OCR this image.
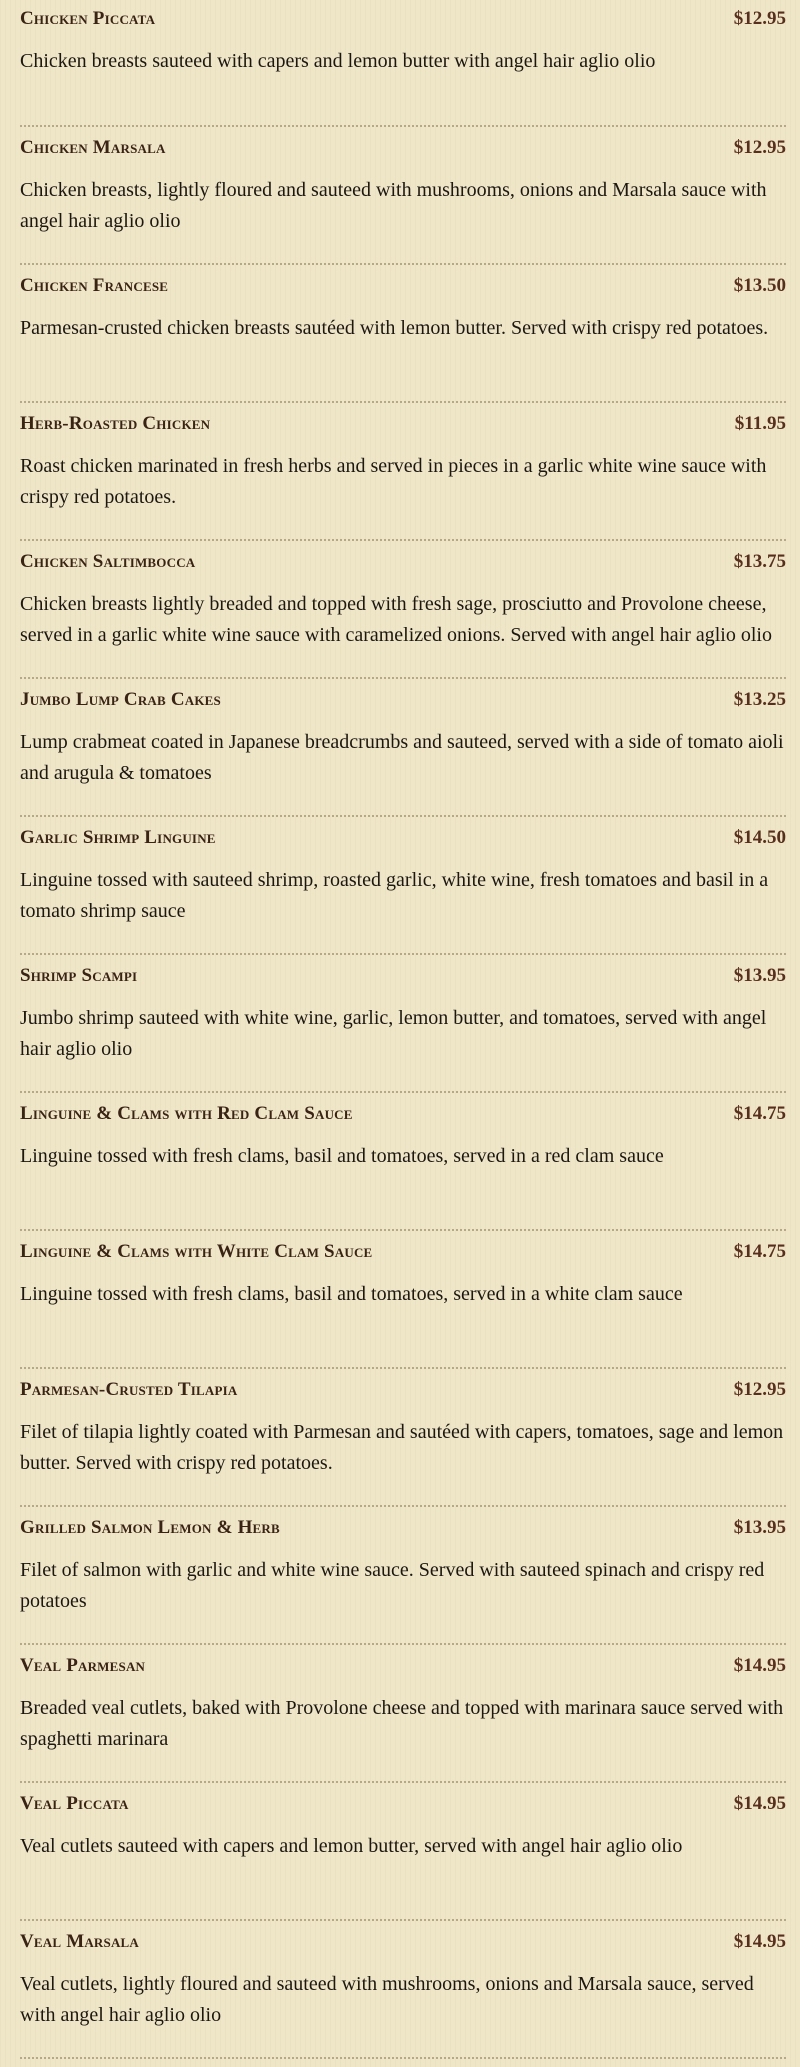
Chicken Piccata	$12.95
Chicken breasts sauteed with capers and lemon butter with angel hair aglio olio
Chicken Marsala	$12.95
Chicken breasts, lightly floured and sauteed with mushrooms, onions and Marsala sauce with angel hair aglio olio
Chicken Francese	$13.50
Parmesan-crusted chicken breasts sautéed with lemon butter. Served with crispy red potatoes.
Herb-Roasted Chicken	$11.95
Roast chicken marinated in fresh herbs and served in pieces in a garlic white wine sauce with crispy red potatoes.
Chicken Saltimbocca	$13.75
Chicken breasts lightly breaded and topped with fresh sage, prosciutto and Provolone cheese, served in a garlic white wine sauce with caramelized onions. Served with angel hair aglio olio
Jumbo Lump Crab Cakes	$13.25
Lump crabmeat coated in Japanese breadcrumbs and sauteed, served with a side of tomato aioli and arugula & tomatoes
Garlic Shrimp Linguine	$14.50
Linguine tossed with sauteed shrimp, roasted garlic, white wine, fresh tomatoes and basil in a tomato shrimp sauce
Shrimp Scampi	$13.95
Jumbo shrimp sauteed with white wine, garlic, lemon butter, and tomatoes, served with angel hair aglio olio
Linguine & Clams with Red Clam Sauce	$14.75
Linguine tossed with fresh clams, basil and tomatoes, served in a red clam sauce
Linguine & Clams with White Clam Sauce	$14.75
Linguine tossed with fresh clams, basil and tomatoes, served in a white clam sauce
Parmesan-Crusted Tilapia	$12.95
Filet of tilapia lightly coated with Parmesan and sautéed with capers, tomatoes, sage and lemon butter. Served with crispy red potatoes.
Grilled Salmon Lemon & Herb	$13.95
Filet of salmon with garlic and white wine sauce. Served with sauteed spinach and crispy red potatoes
Veal Parmesan	$14.95
Breaded veal cutlets, baked with Provolone cheese and topped with marinara sauce served with spaghetti marinara
Veal Piccata	$14.95
Veal cutlets sauteed with capers and lemon butter, served with angel hair aglio olio
Veal Marsala	$14.95
Veal cutlets, lightly floured and sauteed with mushrooms, onions and Marsala sauce, served with angel hair aglio olio
